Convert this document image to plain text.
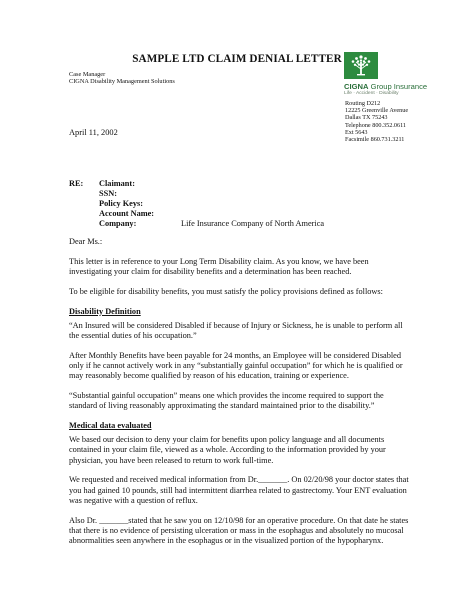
SAMPLE LTD CLAIM DENIAL LETTER
Case Manager
CIGNA Disability Management Solutions
CIGNA Group Insurance
Life · Accident · Disability
Routing D212
12225 Greenville Avenue
Dallas TX 75243
Telephone 800.352.0611
Ext 5643
Facsimile 860.731.3211
April 11, 2002
RE: Claimant:
SSN:
Policy Keys:
Account Name:
Company:	Life Insurance Company of North America

Dear Ms.:

This letter is in reference to your Long Term Disability claim. As you know, we have been investigating your claim for disability benefits and a determination has been reached.

To be eligible for disability benefits, you must satisfy the policy provisions defined as follows:

Disability Definition

“An Insured will be considered Disabled if because of Injury or Sickness, he is unable to perform all the essential duties of his occupation.”

After Monthly Benefits have been payable for 24 months, an Employee will be considered Disabled only if he cannot actively work in any “substantially gainful occupation” for which he is qualified or may reasonably become qualified by reason of his education, training or experience.

“Substantial gainful occupation” means one which provides the income required to support the standard of living reasonably approximating the standard maintained prior to the disability.”

Medical data evaluated

We based our decision to deny your claim for benefits upon policy language and all documents contained in your claim file, viewed as a whole. According to the information provided by your physician, you have been released to return to work full-time.

We requested and received medical information from Dr._______. On 02/20/98 your doctor states that you had gained 10 pounds, still had intermittent diarrhea related to gastrectomy. Your ENT evaluation was negative with a question of reflux.

Also Dr. _______stated that he saw you on 12/10/98 for an operative procedure. On that date he states that there is no evidence of persisting ulceration or mass in the esophagus and absolutely no mucosal abnormalities seen anywhere in the esophagus or in the visualized portion of the hypopharynx.
